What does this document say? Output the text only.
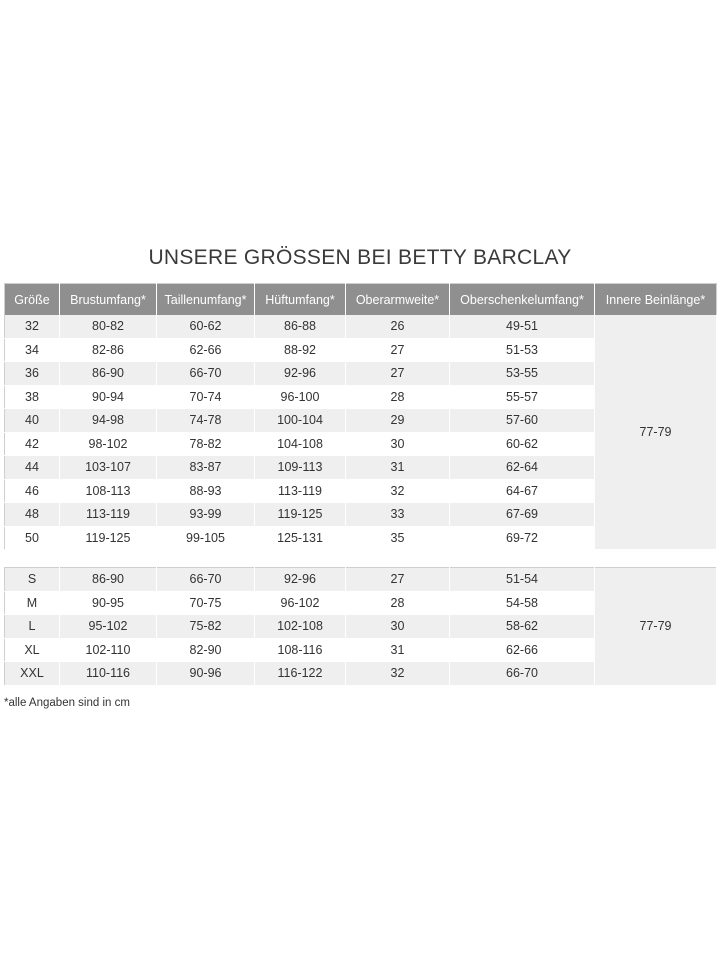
UNSERE GRÖSSEN BEI BETTY BARCLAY
Größe	Brustumfang*	Taillenumfang*	Hüftumfang*	Oberarmweite*	Oberschenkelumfang*	Innere Beinlänge*
32	80-82	60-62	86-88	26	49-51	77-79
34	82-86	62-66	88-92	27	51-53	
36	86-90	66-70	92-96	27	53-55	
38	90-94	70-74	96-100	28	55-57	
40	94-98	74-78	100-104	29	57-60	
42	98-102	78-82	104-108	30	60-62	
44	103-107	83-87	109-113	31	62-64	
46	108-113	88-93	113-119	32	64-67	
48	113-119	93-99	119-125	33	67-69	
50	119-125	99-105	125-131	35	69-72	
S	86-90	66-70	92-96	27	51-54	77-79
M	90-95	70-75	96-102	28	54-58	
L	95-102	75-82	102-108	30	58-62	
XL	102-110	82-90	108-116	31	62-66	
XXL	110-116	90-96	116-122	32	66-70	
*alle Angaben sind in cm
